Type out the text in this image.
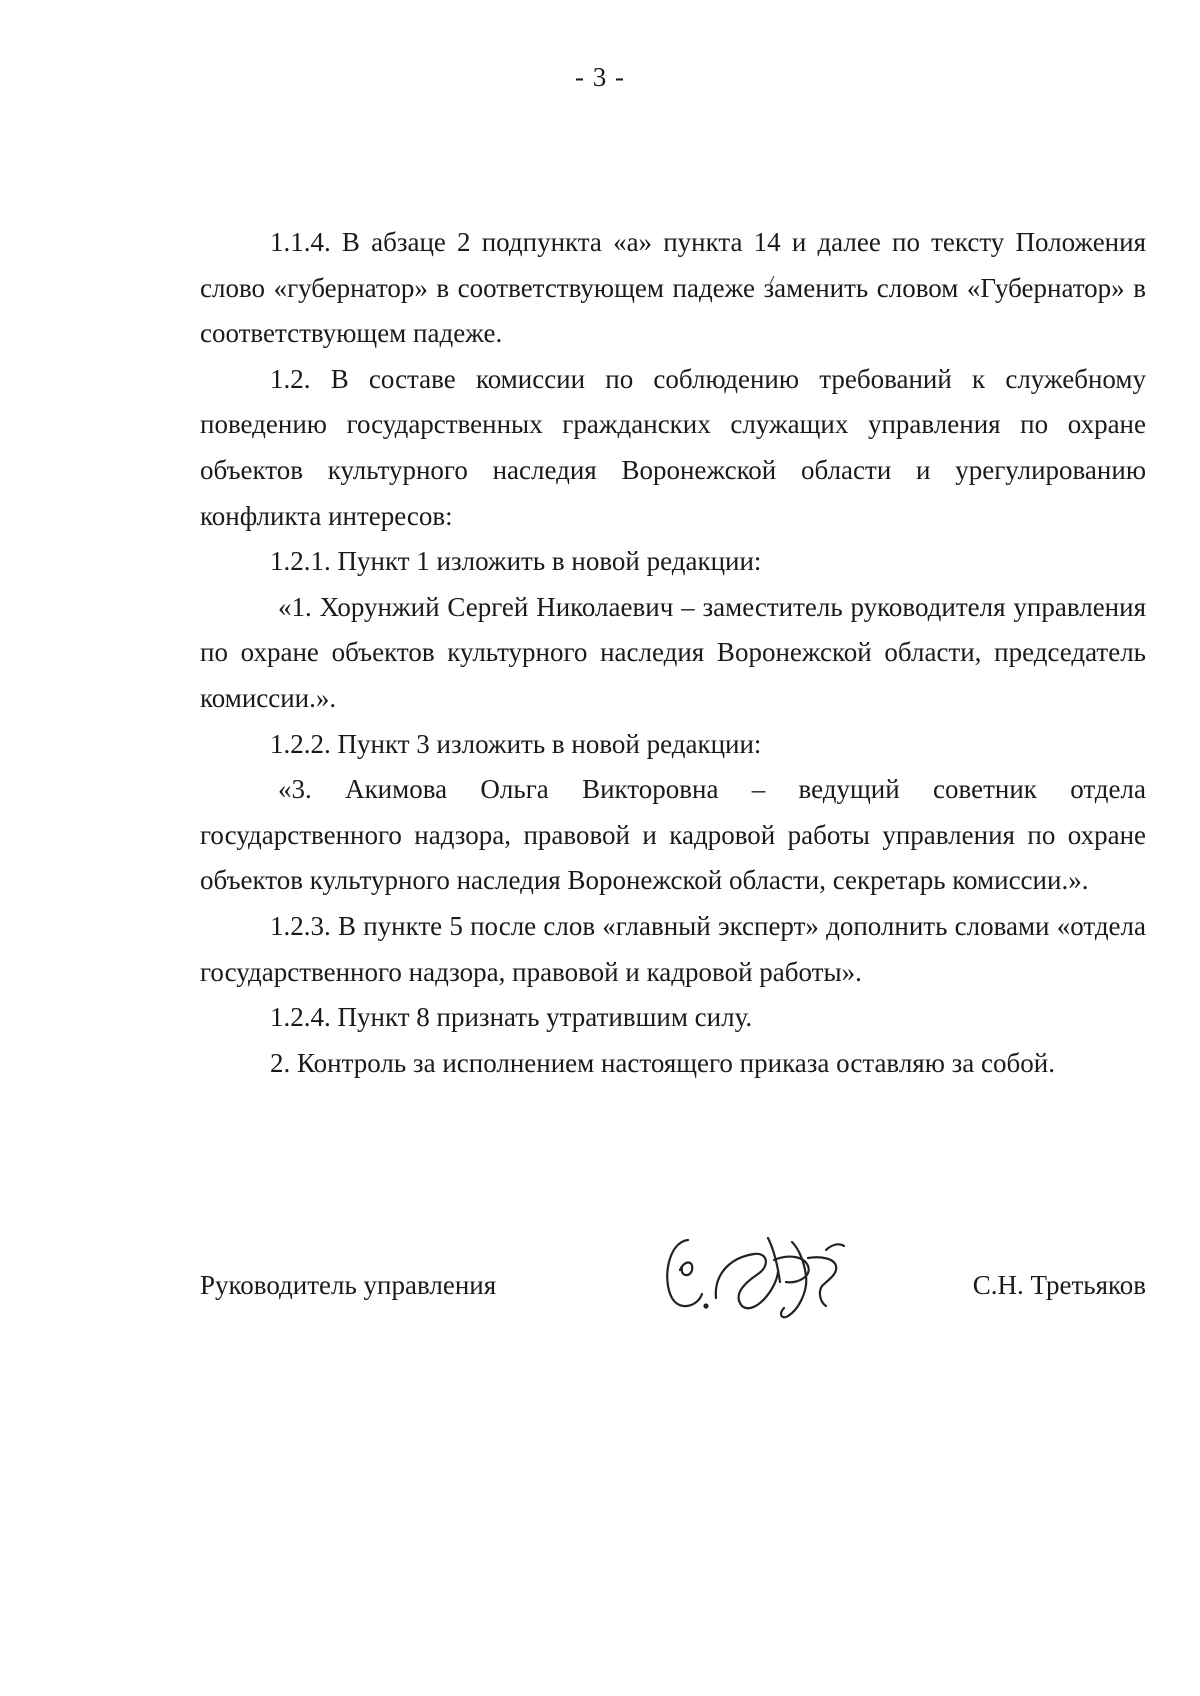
- 3 -

1.1.4. В абзаце 2 подпункта «а» пункта 14 и далее по тексту Положения слово «губернатор» в соответствующем падеже заменить словом «Губернатор» в соответствующем падеже.

1.2. В составе комиссии по соблюдению требований к служебному поведению государственных гражданских служащих управления по охране объектов культурного наследия Воронежской области и урегулированию конфликта интересов:

1.2.1. Пункт 1 изложить в новой редакции:

«1. Хорунжий Сергей Николаевич – заместитель руководителя управления по охране объектов культурного наследия Воронежской области, председатель комиссии.».

1.2.2. Пункт 3 изложить в новой редакции:

«3. Акимова Ольга Викторовна – ведущий советник отдела государственного надзора, правовой и кадровой работы управления по охране объектов культурного наследия Воронежской области, секретарь комиссии.».

1.2.3. В пункте 5 после слов «главный эксперт» дополнить словами «отдела государственного надзора, правовой и кадровой работы».

1.2.4. Пункт 8 признать утратившим силу.

2. Контроль за исполнением настоящего приказа оставляю за собой.

Руководитель управления	С.Н. Третьяков
